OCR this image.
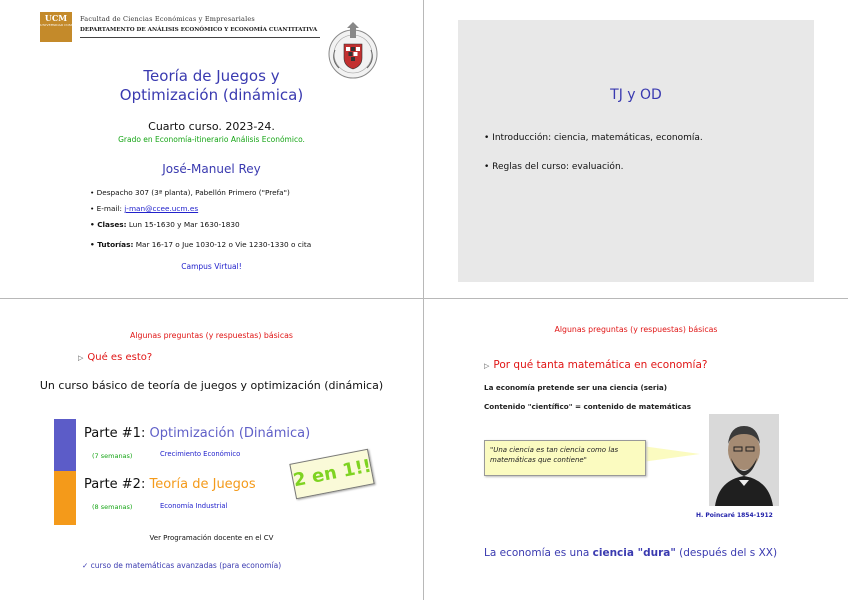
UCM
UNIVERSIDAD COMPLUTENSE MADRID
Facultad de Ciencias Económicas y Empresariales
DEPARTAMENTO DE ANÁLISIS ECONÓMICO Y ECONOMÍA CUANTITATIVA
Teoría de Juegos y
Optimización (dinámica)
Cuarto curso. 2023-24.
Grado en Economía-itinerario Análisis Económico.
José-Manuel Rey
• Despacho 307 (3ª planta), Pabellón Primero ("Prefa")
• E-mail: j-man@ccee.ucm.es
• Clases: Lun 15-1630 y Mar 1630-1830
• Tutorías: Mar 16-17 o Jue 1030-12 o Vie 1230-1330 o cita
Campus Virtual!
TJ y OD
• Introducción: ciencia, matemáticas, economía.
• Reglas del curso: evaluación.
Algunas preguntas (y respuestas) básicas
▷ Qué es esto?
Un curso básico de teoría de juegos y optimización (dinámica)
Parte #1: Optimización (Dinámica)
(7 semanas)	Crecimiento Económico
Parte #2: Teoría de Juegos
(8 semanas)	Economía Industrial
2 en 1!!
Ver Programación docente en el CV
✓ curso de matemáticas avanzadas (para economía)
Algunas preguntas (y respuestas) básicas
▷ Por qué tanta matemática en economía?
La economía pretende ser una ciencia (seria)
Contenido "científico" = contenido de matemáticas
"Una ciencia es tan ciencia como las matemáticas que contiene"
H. Poincaré 1854-1912
La economía es una ciencia "dura" (después del s XX)
